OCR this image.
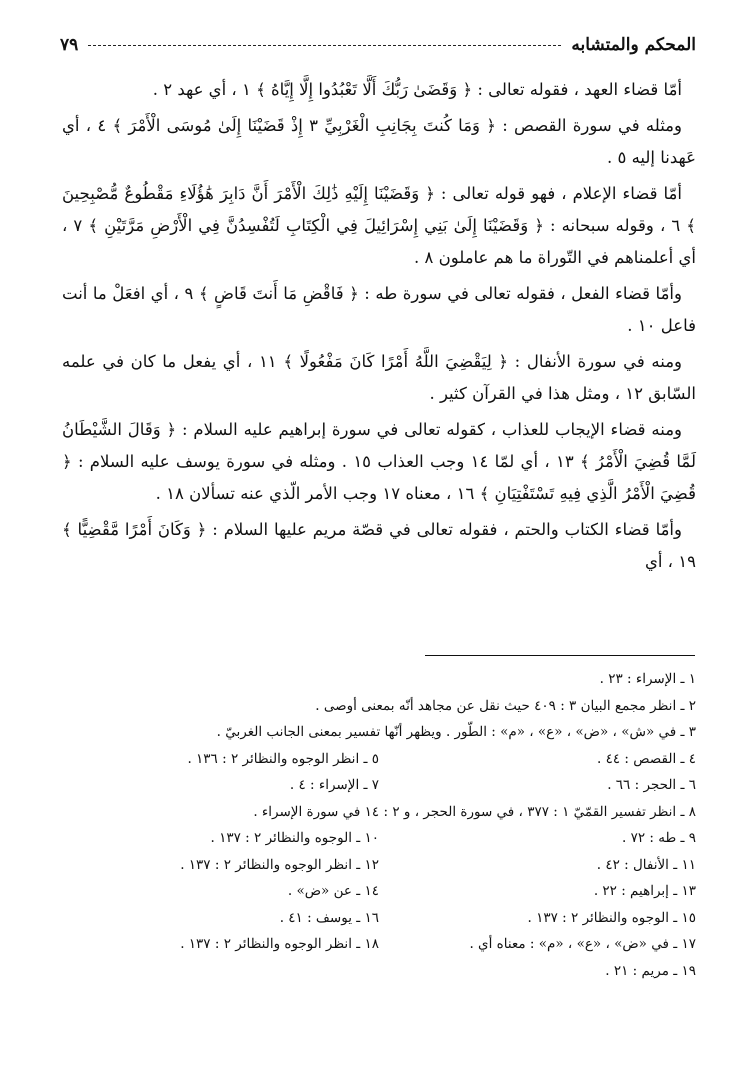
المحكم والمتشابه
٧٩

أمّا قضاء العهد ، فقوله تعالى : ﴿ وَقَضَىٰ رَبُّكَ أَلَّا تَعْبُدُوا إِلَّا إِيَّاهُ ﴾ ١ ، أي عهد ٢ .

ومثله في سورة القصص : ﴿ وَمَا كُنتَ بِجَانِبِ الْغَرْبِيِّ ٣ إِذْ قَضَيْنَا إِلَىٰ مُوسَى الْأَمْرَ ﴾ ٤ ، أي عَهدنا إليه ٥ .

أمّا قضاء الإعلام ، فهو قوله تعالى : ﴿ وَقَضَيْنَا إِلَيْهِ ذَٰلِكَ الْأَمْرَ أَنَّ دَابِرَ هَٰؤُلَاءِ مَقْطُوعٌ مُّصْبِحِينَ ﴾ ٦ ، وقوله سبحانه : ﴿ وَقَضَيْنَا إِلَىٰ بَنِي إِسْرَائِيلَ فِي الْكِتَابِ لَتُفْسِدُنَّ فِي الْأَرْضِ مَرَّتَيْنِ ﴾ ٧ ، أي أعلمناهم في التّوراة ما هم عاملون ٨ .

وأمّا قضاء الفعل ، فقوله تعالى في سورة طه : ﴿ فَاقْضِ مَا أَنتَ قَاضٍ ﴾ ٩ ، أي افعَلْ ما أنت فاعل ١٠ .

ومنه في سورة الأنفال : ﴿ لِيَقْضِيَ اللَّهُ أَمْرًا كَانَ مَفْعُولًا ﴾ ١١ ، أي يفعل ما كان في علمه السّابق ١٢ ، ومثل هذا في القرآن كثير .

ومنه قضاء الإيجاب للعذاب ، كقوله تعالى في سورة إبراهيم عليه السلام : ﴿ وَقَالَ الشَّيْطَانُ لَمَّا قُضِيَ الْأَمْرُ ﴾ ١٣ ، أي لمّا ١٤ وجب العذاب ١٥ . ومثله في سورة يوسف عليه السلام : ﴿ قُضِيَ الْأَمْرُ الَّذِي فِيهِ تَسْتَفْتِيَانِ ﴾ ١٦ ، معناه ١٧ وجب الأمر الّذي عنه تسألان ١٨ .

وأمّا قضاء الكتاب والحتم ، فقوله تعالى في قصّة مريم عليها السلام : ﴿ وَكَانَ أَمْرًا مَّقْضِيًّا ﴾ ١٩ ، أي

١ ـ الإسراء : ٢٣ .
٢ ـ انظر مجمع البيان ٣ : ٤٠٩ حيث نقل عن مجاهد أنّه بمعنى أوصى .
٣ ـ في «ش» ، «ض» ، «ع» ، «م» : الطّور . ويظهر أنّها تفسير بمعنى الجانب الغربيّ .
٤ ـ القصص : ٤٤ .
٥ ـ انظر الوجوه والنظائر ٢ : ١٣٦ .
٦ ـ الحجر : ٦٦ .
٧ ـ الإسراء : ٤ .
٨ ـ انظر تفسير القمّيّ ١ : ٣٧٧ ، في سورة الحجر ، و ٢ : ١٤ في سورة الإسراء .
٩ ـ طه : ٧٢ .
١٠ ـ الوجوه والنظائر ٢ : ١٣٧ .
١١ ـ الأنفال : ٤٢ .
١٢ ـ انظر الوجوه والنظائر ٢ : ١٣٧ .
١٣ ـ إبراهيم : ٢٢ .
١٤ ـ عن «ض» .
١٥ ـ الوجوه والنظائر ٢ : ١٣٧ .
١٦ ـ يوسف : ٤١ .
١٧ ـ في «ض» ، «ع» ، «م» : معناه أي .
١٨ ـ انظر الوجوه والنظائر ٢ : ١٣٧ .
١٩ ـ مريم : ٢١ .
